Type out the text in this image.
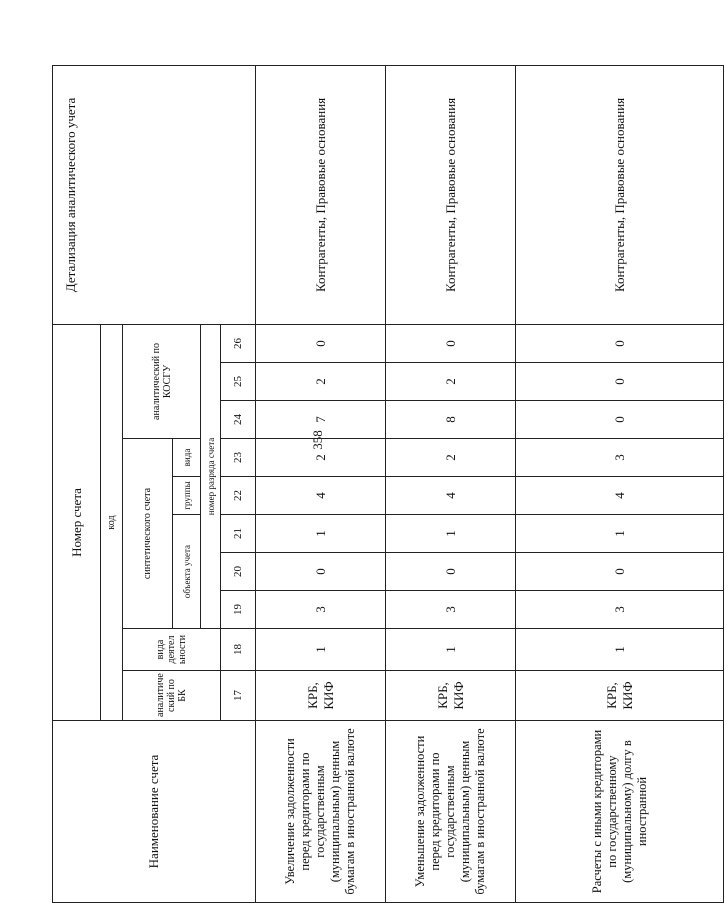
358
Наименование счета	Номер счета										Детализация аналитического учета
	код										
	аналитиче ский по БК	вида деятел ьности	синтетического счета					аналитический по КОСГУ			
			объекта учета			группы	вида				
			номер разряда счета								
	17	18	19	20	21	22	23	24	25	26	
Увеличение задолженности перед кредиторами по государственным (муниципальным) ценным бумагам в иностранной валюте	КРБ, КИФ	1	3	0	1	4	2	7	2	0	Контрагенты, Правовые основания
Уменьшение задолженности перед кредиторами по государственным (муниципальным) ценным бумагам в иностранной валюте	КРБ, КИФ	1	3	0	1	4	2	8	2	0	Контрагенты, Правовые основания
Расчеты с иными кредиторами по государственному (муниципальному) долгу в иностранной	КРБ, КИФ	1	3	0	1	4	3	0	0	0	Контрагенты, Правовые основания
